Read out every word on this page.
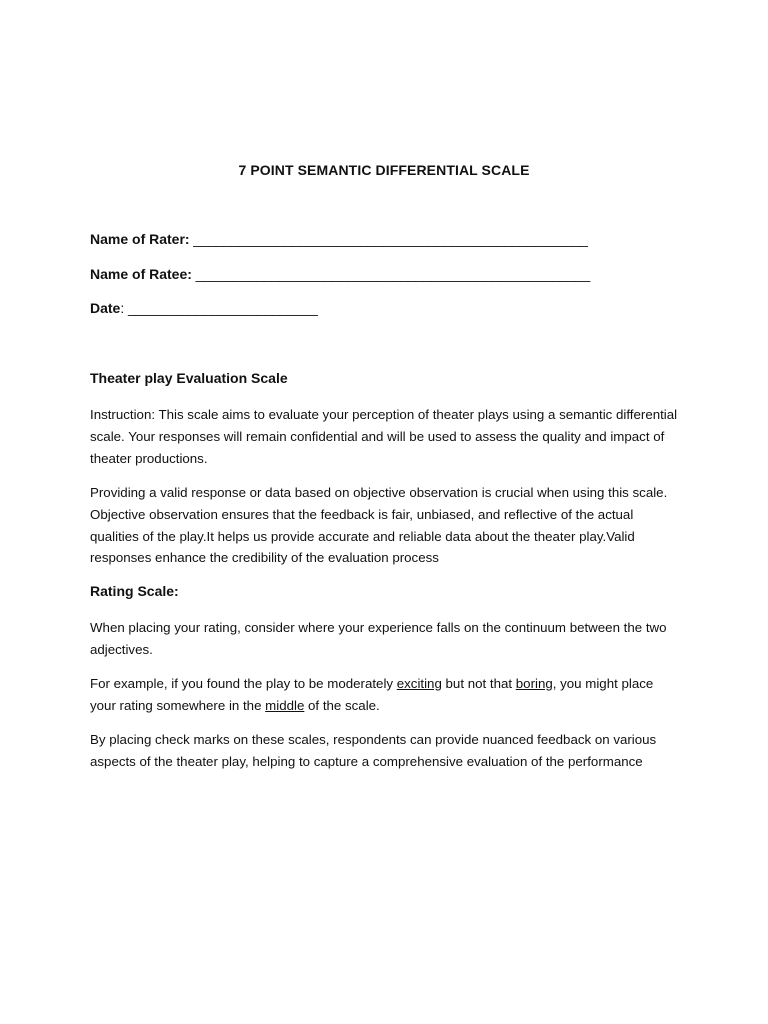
7 POINT SEMANTIC DIFFERENTIAL SCALE
Name of Rater: ____________________________________________________
Name of Ratee: ____________________________________________________
Date: _________________________
Theater play Evaluation Scale
Instruction: This scale aims to evaluate your perception of theater plays using a semantic differential scale. Your responses will remain confidential and will be used to assess the quality and impact of theater productions.
Providing a valid response or data based on objective observation is crucial when using this scale. Objective observation ensures that the feedback is fair, unbiased, and reflective of the actual qualities of the play.It helps us provide accurate and reliable data about the theater play.Valid responses enhance the credibility of the evaluation process
Rating Scale:
When placing your rating, consider where your experience falls on the continuum between the two adjectives.
For example, if you found the play to be moderately exciting but not that boring, you might place your rating somewhere in the middle of the scale.
By placing check marks on these scales, respondents can provide nuanced feedback on various aspects of the theater play, helping to capture a comprehensive evaluation of the performance
